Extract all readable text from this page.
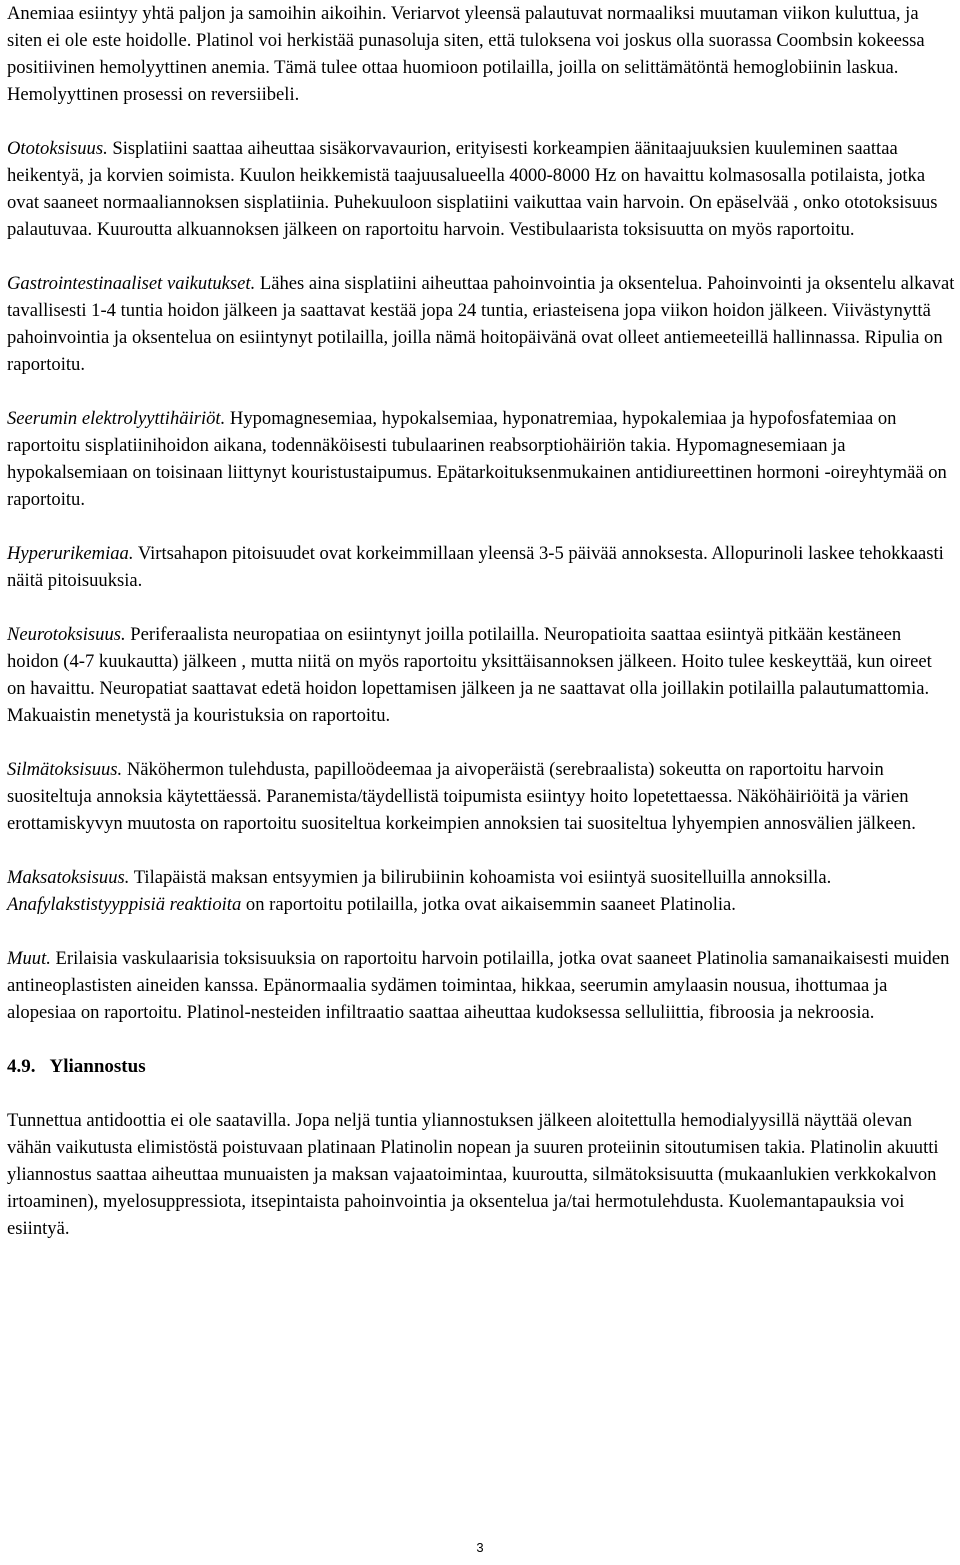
Anemiaa esiintyy yhtä paljon ja samoihin aikoihin. Veriarvot yleensä palautuvat normaaliksi muutaman viikon kuluttua, ja siten ei ole este hoidolle. Platinol voi herkistää punasoluja siten, että tuloksena voi joskus olla suorassa Coombsin kokeessa positiivinen hemolyyttinen anemia. Tämä tulee ottaa huomioon potilailla, joilla on selittämätöntä hemoglobiinin laskua. Hemolyyttinen prosessi on reversiibeli.

Ototoksisuus. Sisplatiini saattaa aiheuttaa sisäkorvavaurion, erityisesti korkeampien äänitaajuuksien kuuleminen saattaa heikentyä, ja korvien soimista. Kuulon heikkemistä taajuusalueella 4000-8000 Hz on havaittu kolmasosalla potilaista, jotka ovat saaneet normaaliannoksen sisplatiinia. Puhekuuloon sisplatiini vaikuttaa vain harvoin. On epäselvää , onko ototoksisuus palautuvaa. Kuuroutta alkuannoksen jälkeen on raportoitu harvoin. Vestibulaarista toksisuutta on myös raportoitu.

Gastrointestinaaliset vaikutukset. Lähes aina sisplatiini aiheuttaa pahoinvointia ja oksentelua. Pahoinvointi ja oksentelu alkavat tavallisesti 1-4 tuntia hoidon jälkeen ja saattavat kestää jopa 24 tuntia, eriasteisena jopa viikon hoidon jälkeen. Viivästynyttä pahoinvointia ja oksentelua on esiintynyt potilailla, joilla nämä hoitopäivänä ovat olleet antiemeeteillä hallinnassa. Ripulia on raportoitu.

Seerumin elektrolyyttihäiriöt. Hypomagnesemiaa, hypokalsemiaa, hyponatremiaa, hypokalemiaa ja hypofosfatemiaa on raportoitu sisplatiinihoidon aikana, todennäköisesti tubulaarinen reabsorptiohäiriön takia. Hypomagnesemiaan ja hypokalsemiaan on toisinaan liittynyt kouristustaipumus. Epätarkoituksenmukainen antidiureettinen hormoni -oireyhtymää on raportoitu.

Hyperurikemiaa. Virtsahapon pitoisuudet ovat korkeimmillaan yleensä 3-5 päivää annoksesta. Allopurinoli laskee tehokkaasti näitä pitoisuuksia.

Neurotoksisuus. Periferaalista neuropatiaa on esiintynyt joilla potilailla. Neuropatioita saattaa esiintyä pitkään kestäneen hoidon (4-7 kuukautta) jälkeen , mutta niitä on myös raportoitu yksittäisannoksen jälkeen. Hoito tulee keskeyttää, kun oireet on havaittu. Neuropatiat saattavat edetä hoidon lopettamisen jälkeen ja ne saattavat olla joillakin potilailla palautumattomia. Makuaistin menetystä ja kouristuksia on raportoitu.

Silmätoksisuus. Näköhermon tulehdusta, papilloödeemaa ja aivoperäistä (serebraalista) sokeutta on raportoitu harvoin suositeltuja annoksia käytettäessä. Paranemista/täydellistä toipumista esiintyy hoito lopetettaessa. Näköhäiriöitä ja värien erottamiskyvyn muutosta on raportoitu suositeltua korkeimpien annoksien tai suositeltua lyhyempien annosvälien jälkeen.

Maksatoksisuus. Tilapäistä maksan entsyymien ja bilirubiinin kohoamista voi esiintyä suositelluilla annoksilla.

Anafylakstistyyppisiä reaktioita on raportoitu potilailla, jotka ovat aikaisemmin saaneet Platinolia.

Muut. Erilaisia vaskulaarisia toksisuuksia on raportoitu harvoin potilailla, jotka ovat saaneet Platinolia samanaikaisesti muiden antineoplastisten aineiden kanssa. Epänormaalia sydämen toimintaa, hikkaa, seerumin amylaasin nousua, ihottumaa ja alopesiaa on raportoitu. Platinol-nesteiden infiltraatio saattaa aiheuttaa kudoksessa selluliittia, fibroosia ja nekroosia.

4.9. Yliannostus

Tunnettua antidoottia ei ole saatavilla. Jopa neljä tuntia yliannostuksen jälkeen aloitettulla hemodialyysillä näyttää olevan vähän vaikutusta elimistöstä poistuvaan platinaan Platinolin nopean ja suuren proteiinin sitoutumisen takia. Platinolin akuutti yliannostus saattaa aiheuttaa munuaisten ja maksan vajaatoimintaa, kuuroutta, silmätoksisuutta (mukaanlukien verkkokalvon irtoaminen), myelosuppressiota, itsepintaista pahoinvointia ja oksentelua ja/tai hermotulehdusta. Kuolemantapauksia voi esiintyä.

3
